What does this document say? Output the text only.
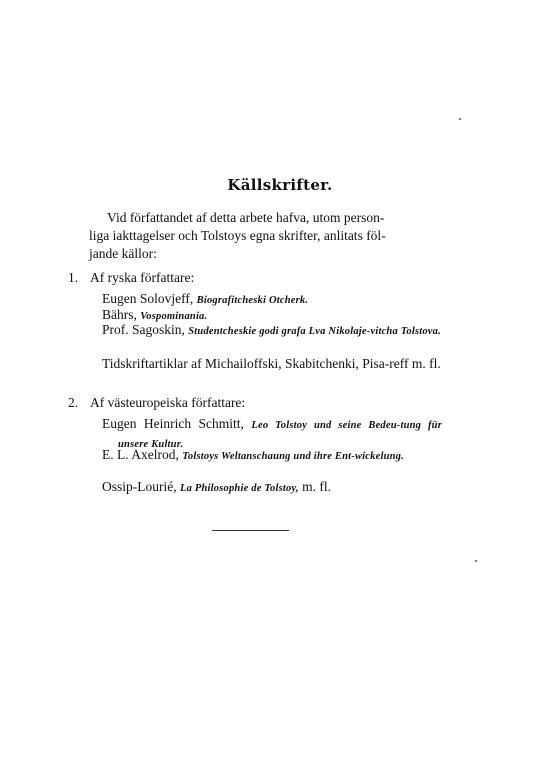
Källskrifter.
Vid författandet af detta arbete hafva, utom person-
liga iakttagelser och Tolstoys egna skrifter, anlitats föl-
jande källor:
1. Af ryska författare:
Eugen Solovjeff, Biografitcheski Otcherk.
Bährs, Vospominania.
Prof. Sagoskin, Studentcheskie godi grafa Lva Nikolaje-vitcha Tolstova.
Tidskriftartiklar af Michailoffski, Skabitchenki, Pisa-reff m. fl.
2. Af västeuropeiska författare:
Eugen Heinrich Schmitt, Leo Tolstoy und seine Bedeu-tung für unsere Kultur.
E. L. Axelrod, Tolstoys Weltanschaung und ihre Ent-wickelung.
Ossip-Lourié, La Philosophie de Tolstoy, m. fl.
